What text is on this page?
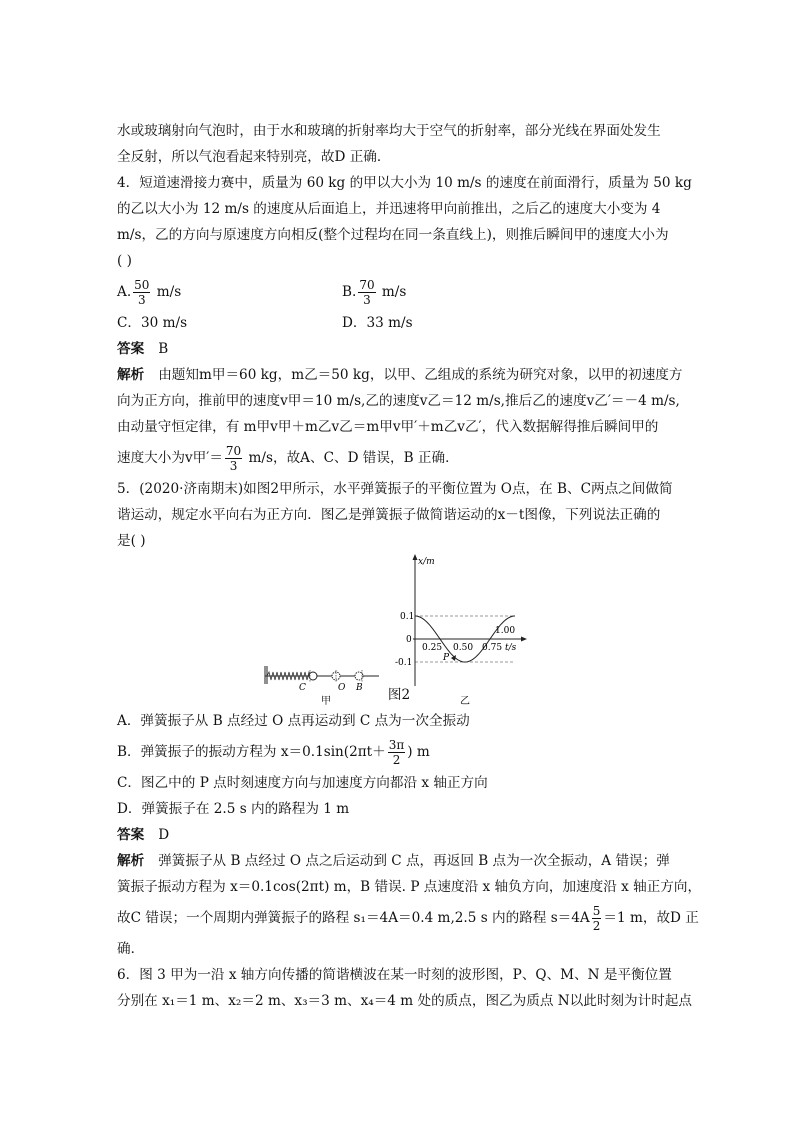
水或玻璃射向气泡时，由于水和玻璃的折射率均大于空气的折射率，部分光线在界面处发生
全反射，所以气泡看起来特别亮，故D 正确．
4．短道速滑接力赛中，质量为 60 kg 的甲以大小为 10 m/s 的速度在前面滑行，质量为 50 kg
的乙以大小为 12 m/s 的速度从后面追上，并迅速将甲向前推出，之后乙的速度大小变为 4
m/s，乙的方向与原速度方向相反(整个过程均在同一条直线上)，则推后瞬间甲的速度大小为
( )
A. $\frac{50}{3} m/s$	B. $\frac{70}{3} m/s$
C．30 m/s	D．33 m/s
答案 B
解析 由题知m甲＝60 kg，m乙＝50 kg，以甲、乙组成的系统为研究对象，以甲的初速度方
向为正方向，推前甲的速度v甲＝10 m/s,乙的速度v乙＝12 m/s,推后乙的速度v乙′＝－4 m/s,
由动量守恒定律，有 m甲v甲＋m乙v乙＝m甲v甲′＋m乙v乙′，代入数据解得推后瞬间甲的
速度大小为v甲′＝ $\frac{70}{3} m/s$，故A、C、D 错误，B 正确．
5．(2020·济南期末)如图2甲所示，水平弹簧振子的平衡位置为 O点，在 B、C两点之间做简
谐运动，规定水平向右为正方向．图乙是弹簧振子做简谐运动的x－t图像，下列说法正确的
是( )
C	O B
甲
x/m
0.1
0
-0.1
0.25 0.50 0.75
1.00
t/s
P
乙
图2
A．弹簧振子从 B 点经过 O 点再运动到 C 点为一次全振动
B．弹簧振子的振动方程为 $x=0.1\sin(2\pi t+ \frac{3\pi}{2}$ ) m
C．图乙中的 P 点时刻速度方向与加速度方向都沿 x 轴正方向
D．弹簧振子在 2.5 s 内的路程为 1 m
答案 D
解析 弹簧振子从 B 点经过 O 点之后运动到 C 点，再返回 B 点为一次全振动，A 错误；弹
簧振子振动方程为 x＝0.1cos(2πt) m，B 错误. P 点速度沿 x 轴负方向，加速度沿 x 轴正方向，
故C 错误；一个周期内弹簧振子的路程 s₁＝4A＝0.4 m,2.5 s 内的路程 $s=4A \frac{5}{2} =1$ m，故D 正
确．
6．图 3 甲为一沿 x 轴方向传播的简谐横波在某一时刻的波形图，P、Q、M、N 是平衡位置
分别在 x₁＝1 m、x₂＝2 m、x₃＝3 m、x₄＝4 m 处的质点，图乙为质点 N以此时刻为计时起点
